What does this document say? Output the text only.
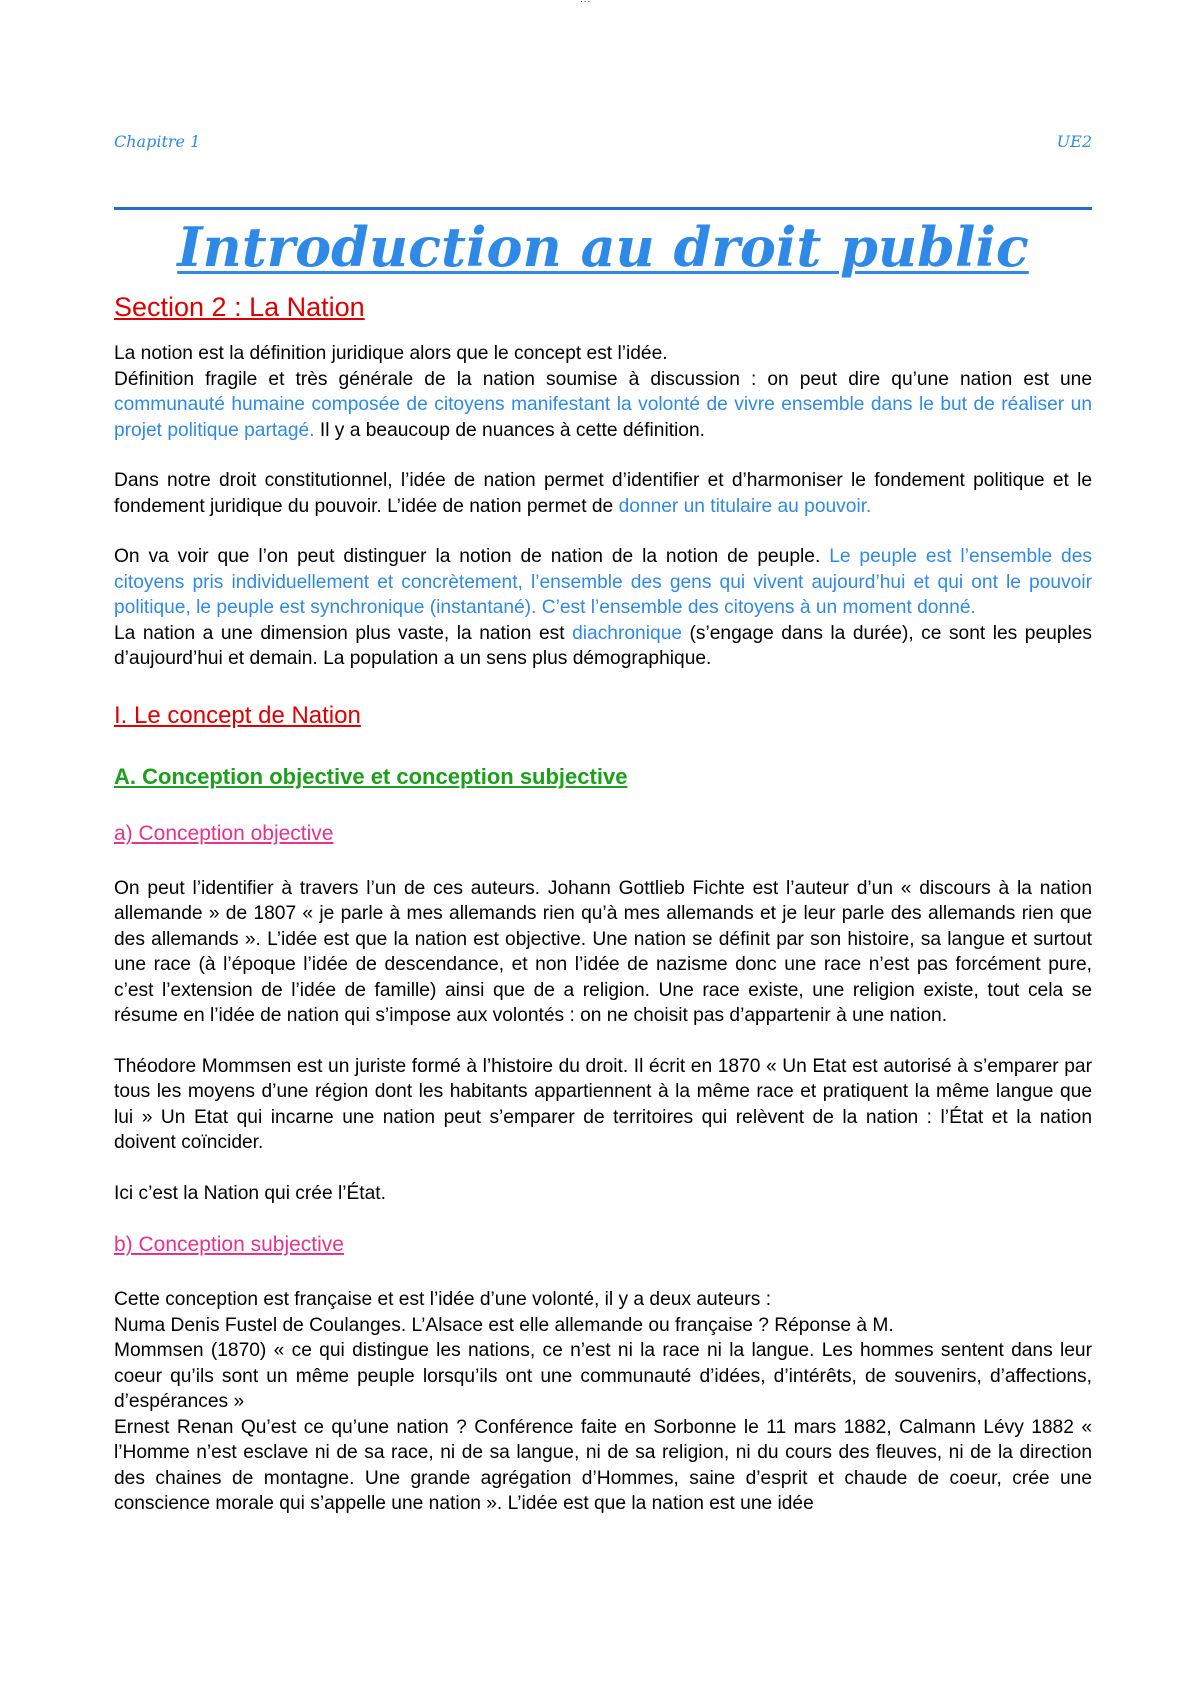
Chapitre 1	UE2
Introduction au droit public
Section 2 : La Nation

La notion est la définition juridique alors que le concept est l’idée.

Définition fragile et très générale de la nation soumise à discussion : on peut dire qu’une nation est une communauté humaine composée de citoyens manifestant la volonté de vivre ensemble dans le but de réaliser un projet politique partagé. Il y a beaucoup de nuances à cette définition.

Dans notre droit constitutionnel, l’idée de nation permet d’identifier et d’harmoniser le fondement politique et le fondement juridique du pouvoir. L’idée de nation permet de donner un titulaire au pouvoir.

On va voir que l’on peut distinguer la notion de nation de la notion de peuple. Le peuple est l’ensemble des citoyens pris individuellement et concrètement, l’ensemble des gens qui vivent aujourd’hui et qui ont le pouvoir politique, le peuple est synchronique (instantané). C’est l’ensemble des citoyens à un moment donné.

La nation a une dimension plus vaste, la nation est diachronique (s’engage dans la durée), ce sont les peuples d’aujourd’hui et demain. La population a un sens plus démographique.

I. Le concept de Nation

A. Conception objective et conception subjective

a) Conception objective

On peut l’identifier à travers l’un de ces auteurs. Johann Gottlieb Fichte est l’auteur d’un « discours à la nation allemande » de 1807 « je parle à mes allemands rien qu’à mes allemands et je leur parle des allemands rien que des allemands ». L’idée est que la nation est objective. Une nation se définit par son histoire, sa langue et surtout une race (à l’époque l’idée de descendance, et non l’idée de nazisme donc une race n’est pas forcément pure, c’est l’extension de l’idée de famille) ainsi que de a religion. Une race existe, une religion existe, tout cela se résume en l’idée de nation qui s’impose aux volontés : on ne choisit pas d’appartenir à une nation.

Théodore Mommsen est un juriste formé à l’histoire du droit. Il écrit en 1870 « Un Etat est autorisé à s’emparer par tous les moyens d’une région dont les habitants appartiennent à la même race et pratiquent la même langue que lui » Un Etat qui incarne une nation peut s’emparer de territoires qui relèvent de la nation : l’État et la nation doivent coïncider.

Ici c’est la Nation qui crée l’État.

b) Conception subjective

Cette conception est française et est l’idée d’une volonté, il y a deux auteurs :

Numa Denis Fustel de Coulanges. L’Alsace est elle allemande ou française ? Réponse à M.

Mommsen (1870) « ce qui distingue les nations, ce n’est ni la race ni la langue. Les hommes sentent dans leur coeur qu’ils sont un même peuple lorsqu’ils ont une communauté d’idées, d’intérêts, de souvenirs, d’affections, d’espérances »

Ernest Renan Qu’est ce qu’une nation ? Conférence faite en Sorbonne le 11 mars 1882, Calmann Lévy 1882 « l’Homme n’est esclave ni de sa race, ni de sa langue, ni de sa religion, ni du cours des fleuves, ni de la direction des chaines de montagne. Une grande agrégation d’Hommes, saine d’esprit et chaude de coeur, crée une conscience morale qui s’appelle une nation ». L’idée est que la nation est une idée
